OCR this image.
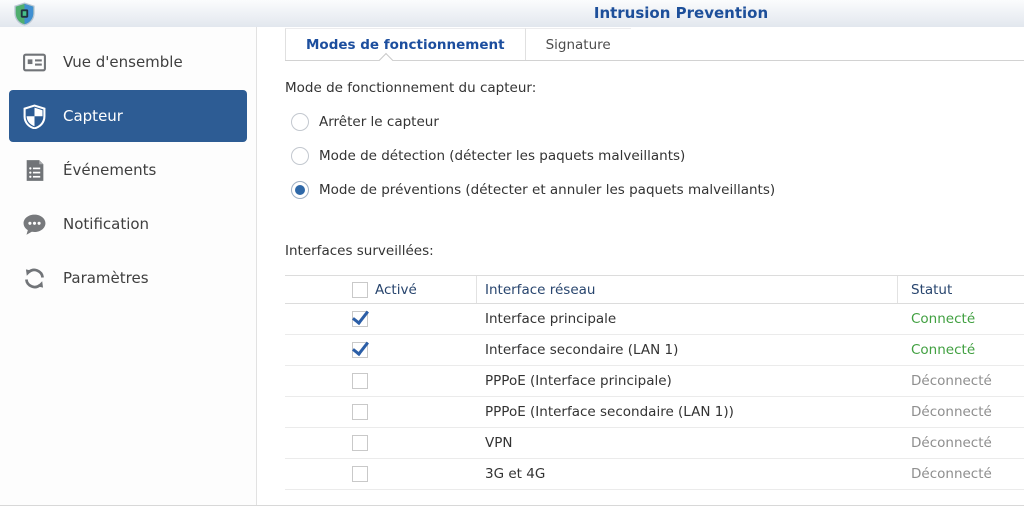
Intrusion Prevention
Vue d'ensemble
Capteur
Événements
Notification
Paramètres
Modes de fonctionnement	Signature
Mode de fonctionnement du capteur:
Arrêter le capteur
Mode de détection (détecter les paquets malveillants)
Mode de préventions (détecter et annuler les paquets malveillants)
Interfaces surveillées:
Activé	Interface réseau	Statut
Interface principale	Connecté
Interface secondaire (LAN 1)	Connecté
PPPoE (Interface principale)	Déconnecté
PPPoE (Interface secondaire (LAN 1))	Déconnecté
VPN	Déconnecté
3G et 4G	Déconnecté
